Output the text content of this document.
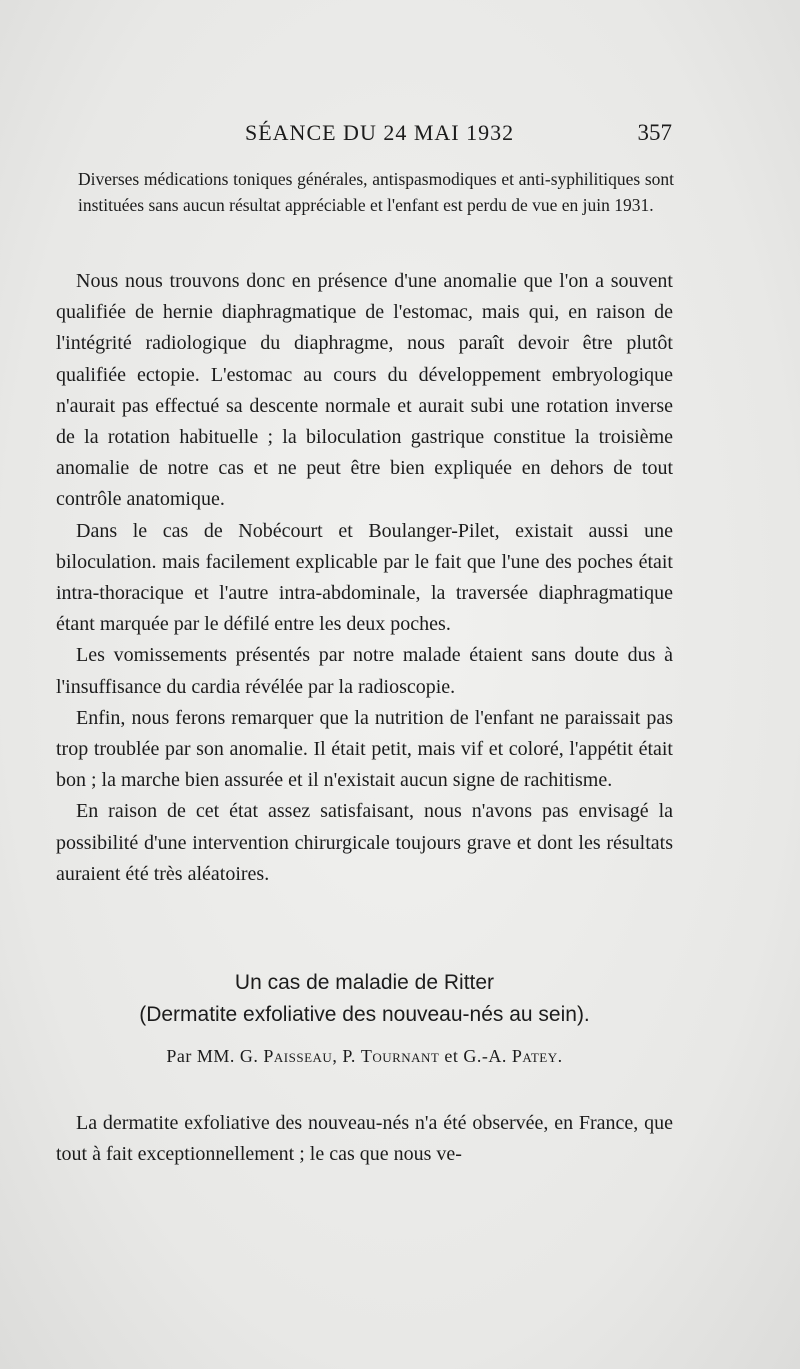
SÉANCE DU 24 MAI 1932	357
Diverses médications toniques générales, antispasmodiques et anti-syphilitiques sont instituées sans aucun résultat appréciable et l'enfant est perdu de vue en juin 1931.

Nous nous trouvons donc en présence d'une anomalie que l'on a souvent qualifiée de hernie diaphragmatique de l'estomac, mais qui, en raison de l'intégrité radiologique du diaphragme, nous paraît devoir être plutôt qualifiée ectopie. L'estomac au cours du développement embryologique n'aurait pas effectué sa descente normale et aurait subi une rotation inverse de la rotation habituelle ; la biloculation gastrique constitue la troisième anomalie de notre cas et ne peut être bien expliquée en dehors de tout contrôle anatomique.

Dans le cas de Nobécourt et Boulanger-Pilet, existait aussi une biloculation. mais facilement explicable par le fait que l'une des poches était intra-thoracique et l'autre intra-abdominale, la traversée diaphragmatique étant marquée par le défilé entre les deux poches.

Les vomissements présentés par notre malade étaient sans doute dus à l'insuffisance du cardia révélée par la radioscopie.

Enfin, nous ferons remarquer que la nutrition de l'enfant ne paraissait pas trop troublée par son anomalie. Il était petit, mais vif et coloré, l'appétit était bon ; la marche bien assurée et il n'existait aucun signe de rachitisme.

En raison de cet état assez satisfaisant, nous n'avons pas envisagé la possibilité d'une intervention chirurgicale toujours grave et dont les résultats auraient été très aléatoires.

Un cas de maladie de Ritter
(Dermatite exfoliative des nouveau-nés au sein).
Par MM. G. Paisseau, P. Tournant et G.-A. Patey.

La dermatite exfoliative des nouveau-nés n'a été observée, en France, que tout à fait exceptionnellement ; le cas que nous ve-
